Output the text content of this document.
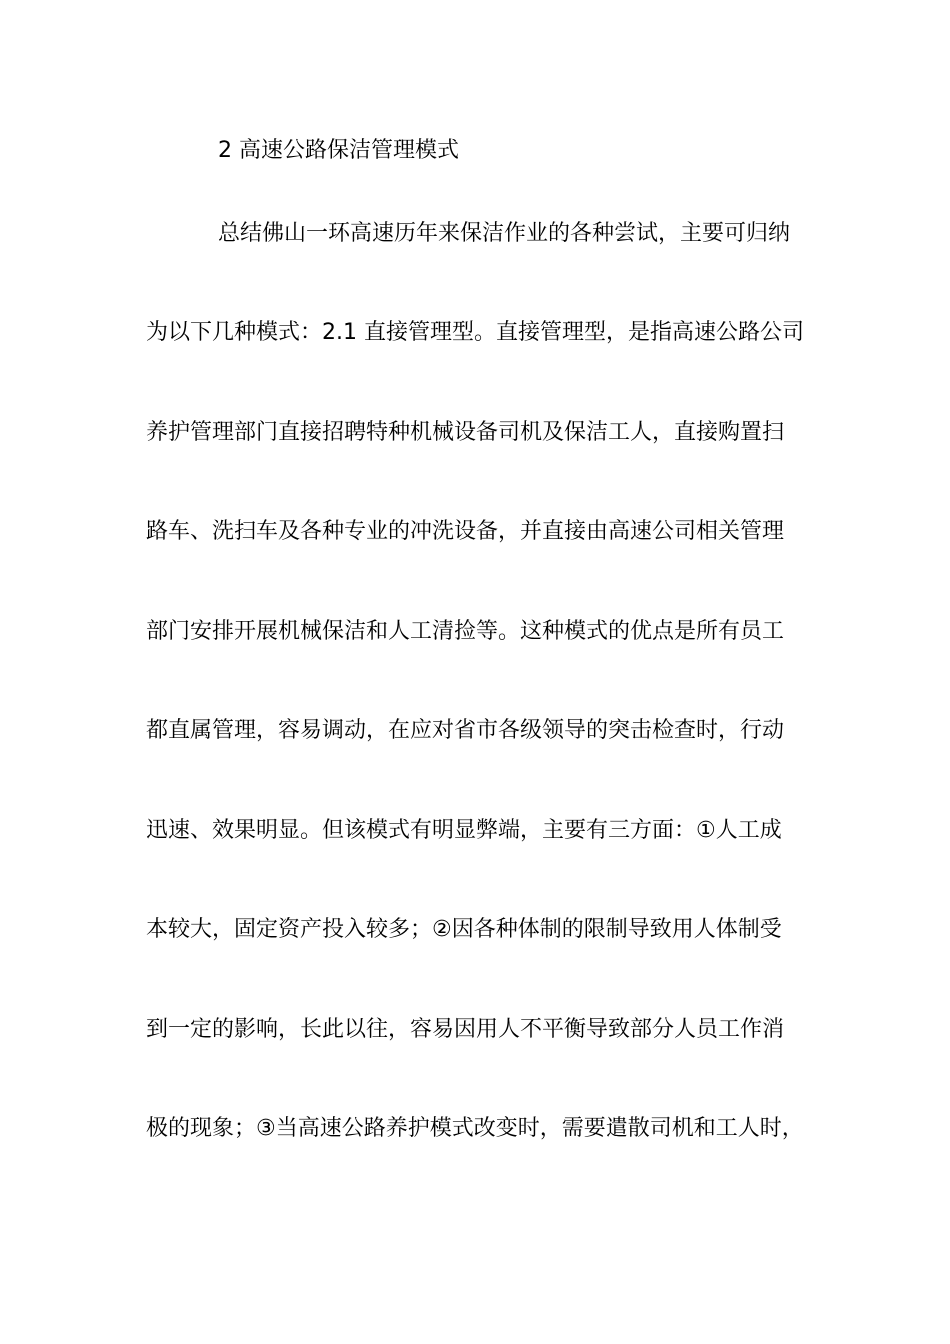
2 高速公路保洁管理模式

总结佛山一环高速历年来保洁作业的各种尝试，主要可归纳

为以下几种模式：2.1 直接管理型。直接管理型，是指高速公路公司

养护管理部门直接招聘特种机械设备司机及保洁工人，直接购置扫

路车、洗扫车及各种专业的冲洗设备，并直接由高速公司相关管理

部门安排开展机械保洁和人工清捡等。这种模式的优点是所有员工

都直属管理，容易调动，在应对省市各级领导的突击检查时，行动

迅速、效果明显。但该模式有明显弊端，主要有三方面：①人工成

本较大，固定资产投入较多；②因各种体制的限制导致用人体制受

到一定的影响，长此以往，容易因用人不平衡导致部分人员工作消

极的现象；③当高速公路养护模式改变时，需要遣散司机和工人时，
